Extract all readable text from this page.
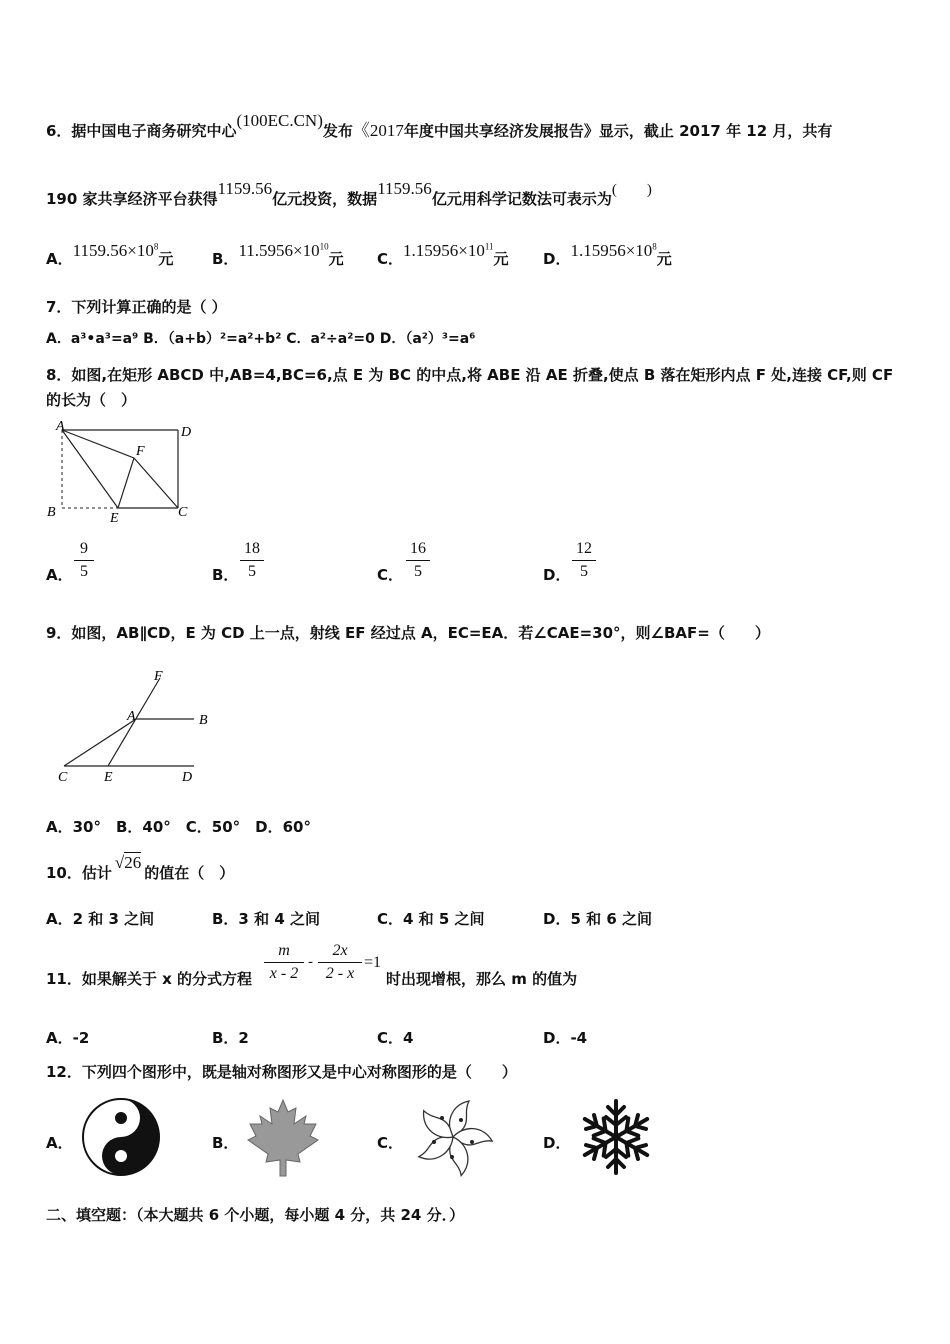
6．据中国电子商务研究中心(100EC.CN)发布《2017年度中国共享经济发展报告》显示，截止 2017 年 12 月，共有
190 家共享经济平台获得1159.56亿元投资，数据1159.56亿元用科学记数法可表示为(　　)
A．$1159.56\times 10^8$元	B．$11.5956\times 10^{10}$元 C．$1.15956\times 10^{11}$元 D．$1.15956\times 10^8$元
7．下列计算正确的是（ ）
A．a³•a³=a⁹ B．（a+b）²=a²+b² C．a²÷a²=0 D．（a²）³=a⁶
8．如图,在矩形 ABCD 中,AB=4,BC=6,点 E 为 BC 的中点,将 ABE 沿 AE 折叠,使点 B 落在矩形内点 F 处,连接 CF,则 CF
的长为（　）
A	D
F
B	E	C
A． $\frac{9}{5}$	B． $\frac{18}{5}$	C． $\frac{16}{5}$	D． $\frac{12}{5}$
9．如图，AB∥CD，E 为 CD 上一点，射线 EF 经过点 A，EC=EA．若∠CAE=30°，则∠BAF=（　　）
F
A	B
C	E	D
A．30°　B．40°　C．50°　D．60°
10．估计√26的值在（　）
A．2 和 3 之间	B．3 和 4 之间	C．4 和 5 之间	D．5 和 6 之间
11．如果解关于 x 的分式方程 $\frac{m}{x - 2} - \frac{2x}{2 - x} =1$
时出现增根，那么 m 的值为
A．-2	B．2	C．4	D．-4
12．下列四个图形中，既是轴对称图形又是中心对称图形的是（　　）
A．	B．	C．	D．
二、填空题：（本大题共 6 个小题，每小题 4 分，共 24 分．）
